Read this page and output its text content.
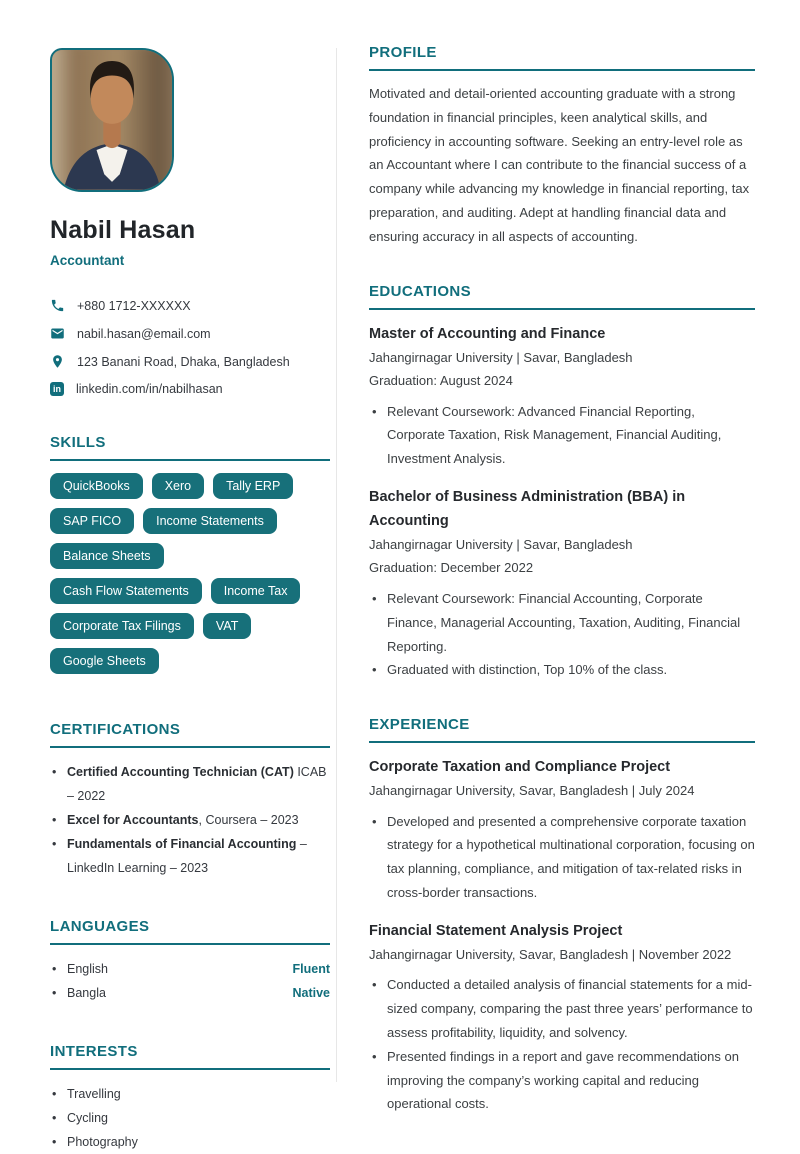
Nabil Hasan
Accountant
+880 1712-XXXXXX
nabil.hasan@email.com
123 Banani Road, Dhaka, Bangladesh
in linkedin.com/in/nabilhasan
SKILLS
QuickBooks	Xero	Tally ERPSAP FICO	Income StatementsBalance SheetsCash Flow Statements	Income TaxCorporate Tax Filings	VATGoogle Sheets
CERTIFICATIONS
• Certified Accounting Technician (CAT) ICAB – 2022
• Excel for Accountants, Coursera – 2023
• Fundamentals of Financial Accounting – LinkedIn Learning – 2023
LANGUAGES
• English	Fluent
• Bangla	Native
INTERESTS
• Travelling
• Cycling
• Photography
PROFILE

Motivated and detail-oriented accounting graduate with a strong foundation in financial principles, keen analytical skills, and proficiency in accounting software. Seeking an entry-level role as an Accountant where I can contribute to the financial success of a company while advancing my knowledge in financial reporting, tax preparation, and auditing. Adept at handling financial data and ensuring accuracy in all aspects of accounting.

EDUCATIONS
Master of Accounting and Finance
Jahangirnagar University | Savar, Bangladesh
Graduation: August 2024
• Relevant Coursework: Advanced Financial Reporting, Corporate Taxation, Risk Management, Financial Auditing, Investment Analysis.
Bachelor of Business Administration (BBA) in Accounting
Jahangirnagar University | Savar, Bangladesh
Graduation: December 2022
• Relevant Coursework: Financial Accounting, Corporate Finance, Managerial Accounting, Taxation, Auditing, Financial Reporting.
• Graduated with distinction, Top 10% of the class.
EXPERIENCE
Corporate Taxation and Compliance Project
Jahangirnagar University, Savar, Bangladesh | July 2024
• Developed and presented a comprehensive corporate taxation strategy for a hypothetical multinational corporation, focusing on tax planning, compliance, and mitigation of tax-related risks in cross-border transactions.
Financial Statement Analysis Project
Jahangirnagar University, Savar, Bangladesh | November 2022
• Conducted a detailed analysis of financial statements for a mid-sized company, comparing the past three years’ performance to assess profitability, liquidity, and solvency.
• Presented findings in a report and gave recommendations on improving the company’s working capital and reducing operational costs.
